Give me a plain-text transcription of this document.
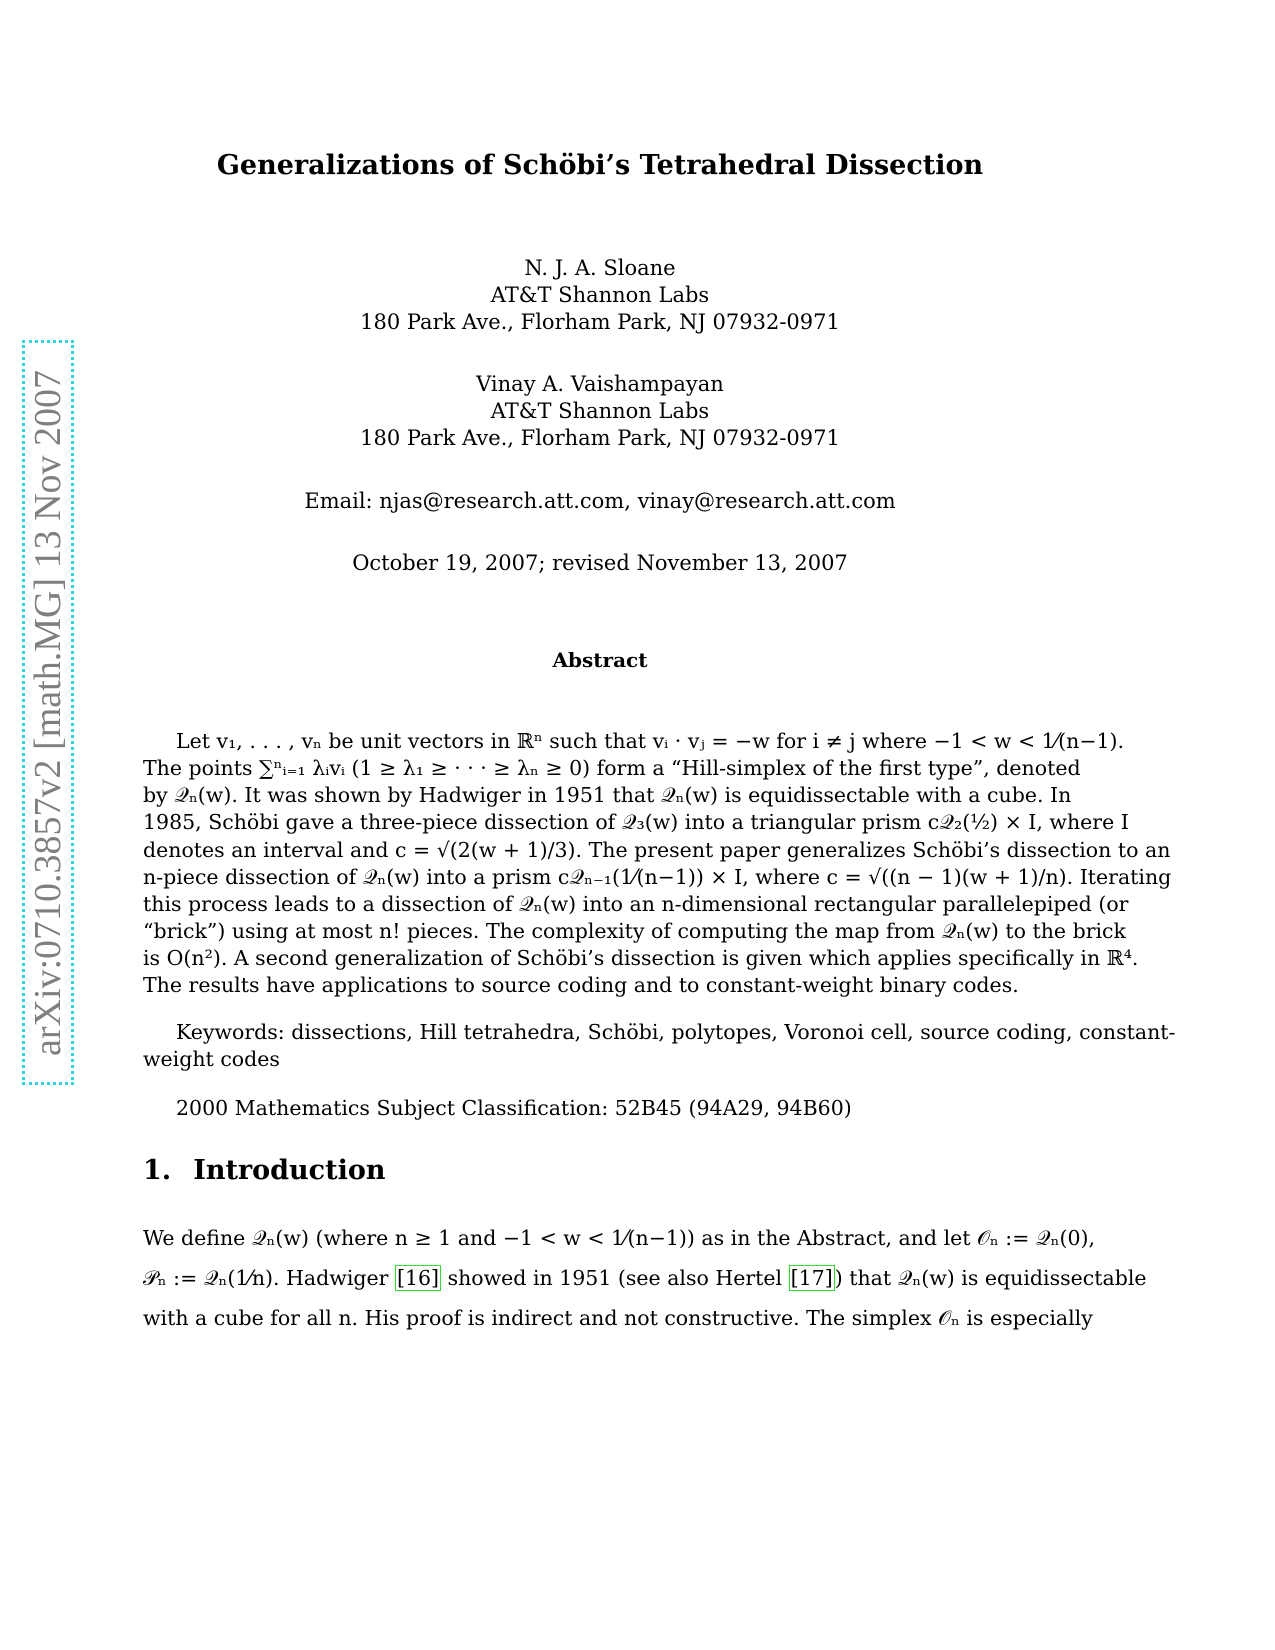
arXiv:0710.3857v2 [math.MG] 13 Nov 2007
Generalizations of Schöbi’s Tetrahedral Dissection
N. J. A. Sloane
AT&T Shannon Labs
180 Park Ave., Florham Park, NJ 07932-0971
Vinay A. Vaishampayan
AT&T Shannon Labs
180 Park Ave., Florham Park, NJ 07932-0971
Email: njas@research.att.com, vinay@research.att.com
October 19, 2007; revised November 13, 2007
Abstract
Let v₁, . . . , vₙ be unit vectors in ℝⁿ such that vᵢ · vⱼ = −w for i ≠ j where −1 < w < 1⁄(n−1).
The points ∑ⁿᵢ₌₁ λᵢvᵢ (1 ≥ λ₁ ≥ · · · ≥ λₙ ≥ 0) form a “Hill-simplex of the first type”, denoted
by 𝒬ₙ(w). It was shown by Hadwiger in 1951 that 𝒬ₙ(w) is equidissectable with a cube. In
1985, Schöbi gave a three-piece dissection of 𝒬₃(w) into a triangular prism c𝒬₂(½) × I, where I
denotes an interval and c = √(2(w + 1)/3). The present paper generalizes Schöbi’s dissection to an
n-piece dissection of 𝒬ₙ(w) into a prism c𝒬ₙ₋₁(1⁄(n−1)) × I, where c = √((n − 1)(w + 1)/n). Iterating
this process leads to a dissection of 𝒬ₙ(w) into an n-dimensional rectangular parallelepiped (or
“brick”) using at most n! pieces. The complexity of computing the map from 𝒬ₙ(w) to the brick
is O(n²). A second generalization of Schöbi’s dissection is given which applies specifically in ℝ⁴.
The results have applications to source coding and to constant-weight binary codes.
Keywords: dissections, Hill tetrahedra, Schöbi, polytopes, Voronoi cell, source coding, constant-
weight codes
2000 Mathematics Subject Classification: 52B45 (94A29, 94B60)
1. Introduction
We define 𝒬ₙ(w) (where n ≥ 1 and −1 < w < 1⁄(n−1)) as in the Abstract, and let 𝒪ₙ := 𝒬ₙ(0),
𝒫ₙ := 𝒬ₙ(1⁄n). Hadwiger [16] showed in 1951 (see also Hertel [17]) that 𝒬ₙ(w) is equidissectable
with a cube for all n. His proof is indirect and not constructive. The simplex 𝒪ₙ is especially
